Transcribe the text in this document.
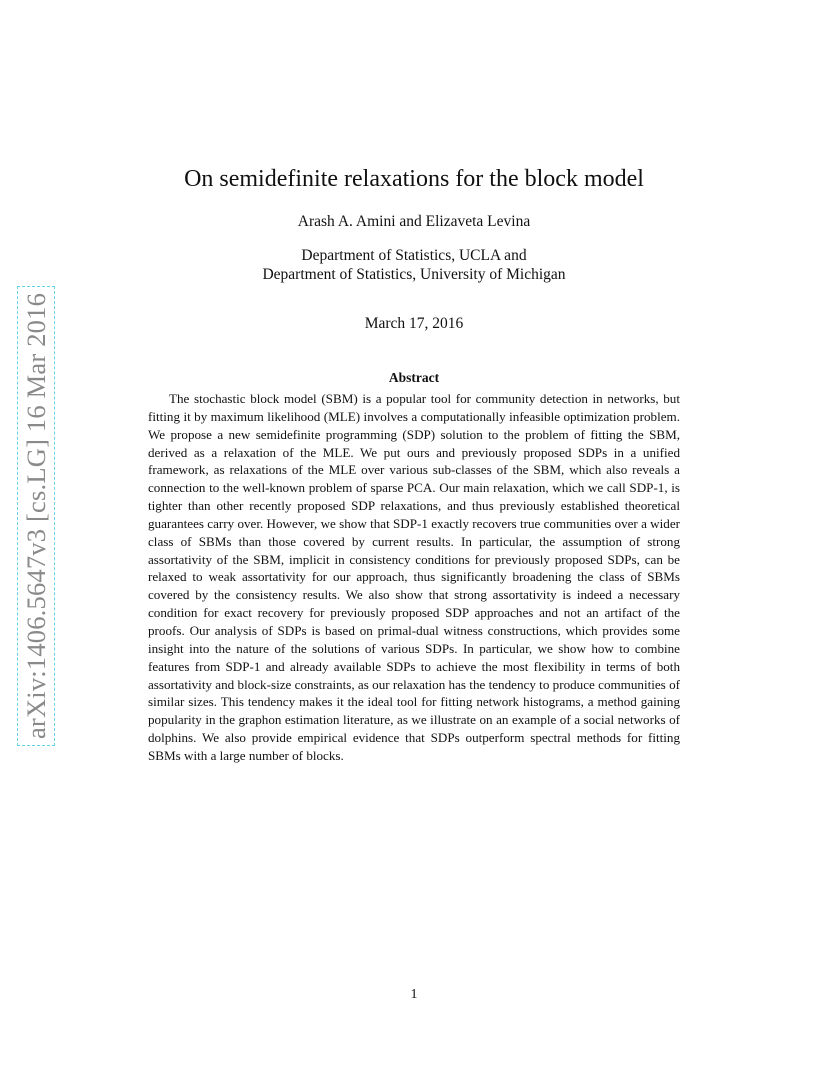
arXiv:1406.5647v3 [cs.LG] 16 Mar 2016
On semidefinite relaxations for the block model
Arash A. Amini and Elizaveta Levina
Department of Statistics, UCLA and
Department of Statistics, University of Michigan
March 17, 2016
Abstract
The stochastic block model (SBM) is a popular tool for community detection in networks, but fitting it by maximum likelihood (MLE) involves a computationally infeasible optimization problem. We propose a new semidefinite programming (SDP) solution to the problem of fitting the SBM, derived as a relaxation of the MLE. We put ours and previously proposed SDPs in a unified framework, as relaxations of the MLE over various sub-classes of the SBM, which also reveals a connection to the well-known problem of sparse PCA. Our main relaxation, which we call SDP-1, is tighter than other recently proposed SDP relaxations, and thus previously established theoretical guarantees carry over. However, we show that SDP-1 exactly recovers true communities over a wider class of SBMs than those covered by current results. In particular, the assumption of strong assortativity of the SBM, implicit in consistency conditions for previously proposed SDPs, can be relaxed to weak assortativity for our approach, thus significantly broadening the class of SBMs covered by the consistency results. We also show that strong assortativity is indeed a necessary condition for exact recovery for previously proposed SDP approaches and not an artifact of the proofs. Our analysis of SDPs is based on primal-dual witness constructions, which provides some insight into the nature of the solutions of various SDPs. In particular, we show how to combine features from SDP-1 and already available SDPs to achieve the most flexibility in terms of both assortativity and block-size constraints, as our relaxation has the tendency to produce communities of similar sizes. This tendency makes it the ideal tool for fitting network histograms, a method gaining popularity in the graphon estimation literature, as we illustrate on an example of a social networks of dolphins. We also provide empirical evidence that SDPs outperform spectral methods for fitting SBMs with a large number of blocks.
1
